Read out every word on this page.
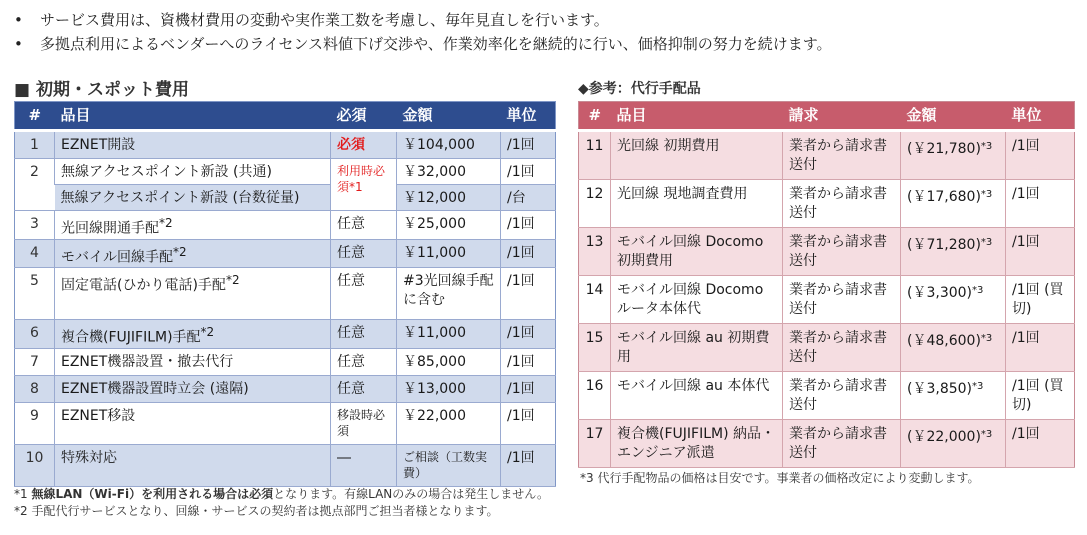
•	サービス費用は、資機材費用の変動や実作業工数を考慮し、毎年見直しを行います。
•	多拠点利用によるベンダーへのライセンス料値下げ交渉や、作業効率化を継続的に行い、価格抑制の努力を続けます。
■ 初期・スポット費用	◆参考：代行手配品
#	品目	必須	金額	単位
1	EZNET開設	必須	￥104,000	/1回
2	無線アクセスポイント新設 (共通)	利用時必須*1	￥32,000	/1回
	無線アクセスポイント新設 (台数従量)		￥12,000	/台
3	光回線開通手配$^{*2}$	任意	￥25,000	/1回
4	モバイル回線手配$^{*2}$	任意	￥11,000	/1回
5	固定電話(ひかり電話)手配$^{*2}$	任意	#3光回線手配に含む	/1回
6	複合機(FUJIFILM)手配$^{*2}$	任意	￥11,000	/1回
7	EZNET機器設置・撤去代行	任意	￥85,000	/1回
8	EZNET機器設置時立会 (遠隔)	任意	￥13,000	/1回
9	EZNET移設	移設時必須	￥22,000	/1回
10	特殊対応	―	ご相談（工数実費）	/1回
#	品目	請求	金額	単位
11	光回線 初期費用	業者から請求書送付	(￥21,780)$^{*3}$	/1回
12	光回線 現地調査費用	業者から請求書送付	(￥17,680)$^{*3}$	/1回
13	モバイル回線 Docomo 初期費用	業者から請求書送付	(￥71,280)$^{*3}$	/1回
14	モバイル回線 Docomo ルータ本体代	業者から請求書送付	(￥3,300)$^{*3}$	/1回 (買切)
15	モバイル回線 au 初期費用	業者から請求書送付	(￥48,600)$^{*3}$	/1回
16	モバイル回線 au 本体代	業者から請求書送付	(￥3,850)$^{*3}$	/1回 (買切)
17	複合機(FUJIFILM) 納品・エンジニア派遣	業者から請求書送付	(￥22,000)$^{*3}$	/1回
*1 無線LAN（Wi-Fi）を利用される場合は必須となります。有線LANのみの場合は発生しません。
*2 手配代行サービスとなり、回線・サービスの契約者は拠点部門ご担当者様となります。
*3 代行手配物品の価格は目安です。事業者の価格改定により変動します。
